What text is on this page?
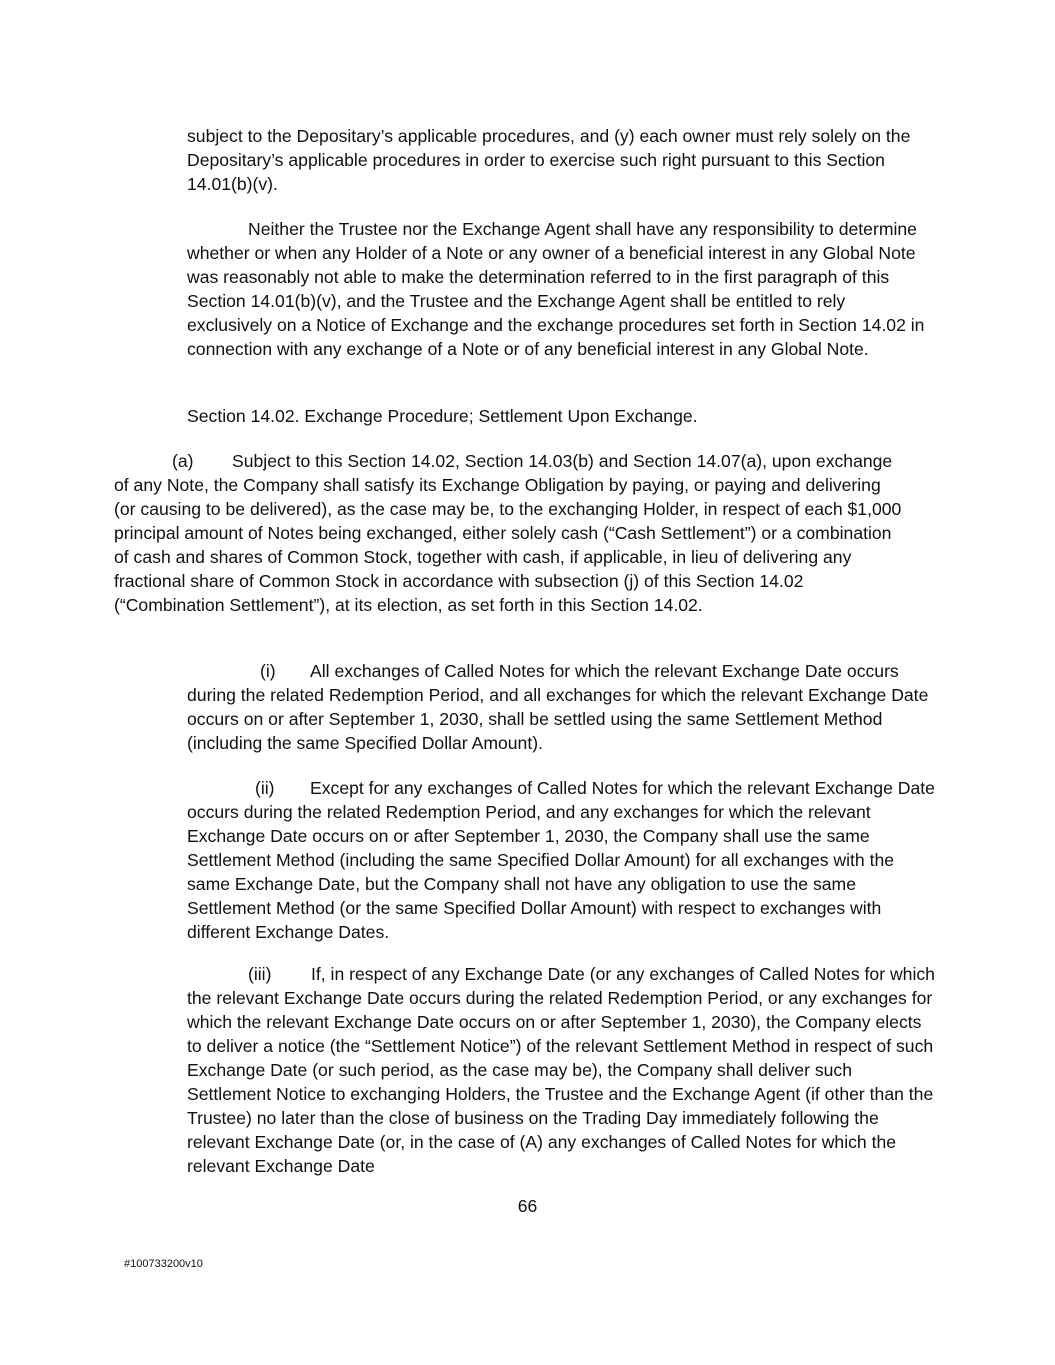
subject to the Depositary’s applicable procedures, and (y) each owner must rely solely on the Depositary’s applicable procedures in order to exercise such right pursuant to this Section 14.01(b)(v).

Neither the Trustee nor the Exchange Agent shall have any responsibility to determine whether or when any Holder of a Note or any owner of a beneficial interest in any Global Note was reasonably not able to make the determination referred to in the first paragraph of this Section 14.01(b)(v), and the Trustee and the Exchange Agent shall be entitled to rely exclusively on a Notice of Exchange and the exchange procedures set forth in Section 14.02 in connection with any exchange of a Note or of any beneficial interest in any Global Note.

Section 14.02. Exchange Procedure; Settlement Upon Exchange.

(a) Subject to this Section 14.02, Section 14.03(b) and Section 14.07(a), upon exchange of any Note, the Company shall satisfy its Exchange Obligation by paying, or paying and delivering (or causing to be delivered), as the case may be, to the exchanging Holder, in respect of each $1,000 principal amount of Notes being exchanged, either solely cash (“Cash Settlement”) or a combination of cash and shares of Common Stock, together with cash, if applicable, in lieu of delivering any fractional share of Common Stock in accordance with subsection (j) of this Section 14.02 (“Combination Settlement”), at its election, as set forth in this Section 14.02.

(i) All exchanges of Called Notes for which the relevant Exchange Date occurs during the related Redemption Period, and all exchanges for which the relevant Exchange Date occurs on or after September 1, 2030, shall be settled using the same Settlement Method (including the same Specified Dollar Amount).

(ii) Except for any exchanges of Called Notes for which the relevant Exchange Date occurs during the related Redemption Period, and any exchanges for which the relevant Exchange Date occurs on or after September 1, 2030, the Company shall use the same Settlement Method (including the same Specified Dollar Amount) for all exchanges with the same Exchange Date, but the Company shall not have any obligation to use the same Settlement Method (or the same Specified Dollar Amount) with respect to exchanges with different Exchange Dates.

(iii) If, in respect of any Exchange Date (or any exchanges of Called Notes for which the relevant Exchange Date occurs during the related Redemption Period, or any exchanges for which the relevant Exchange Date occurs on or after September 1, 2030), the Company elects to deliver a notice (the “Settlement Notice”) of the relevant Settlement Method in respect of such Exchange Date (or such period, as the case may be), the Company shall deliver such Settlement Notice to exchanging Holders, the Trustee and the Exchange Agent (if other than the Trustee) no later than the close of business on the Trading Day immediately following the relevant Exchange Date (or, in the case of (A) any exchanges of Called Notes for which the relevant Exchange Date

66

#100733200v10
